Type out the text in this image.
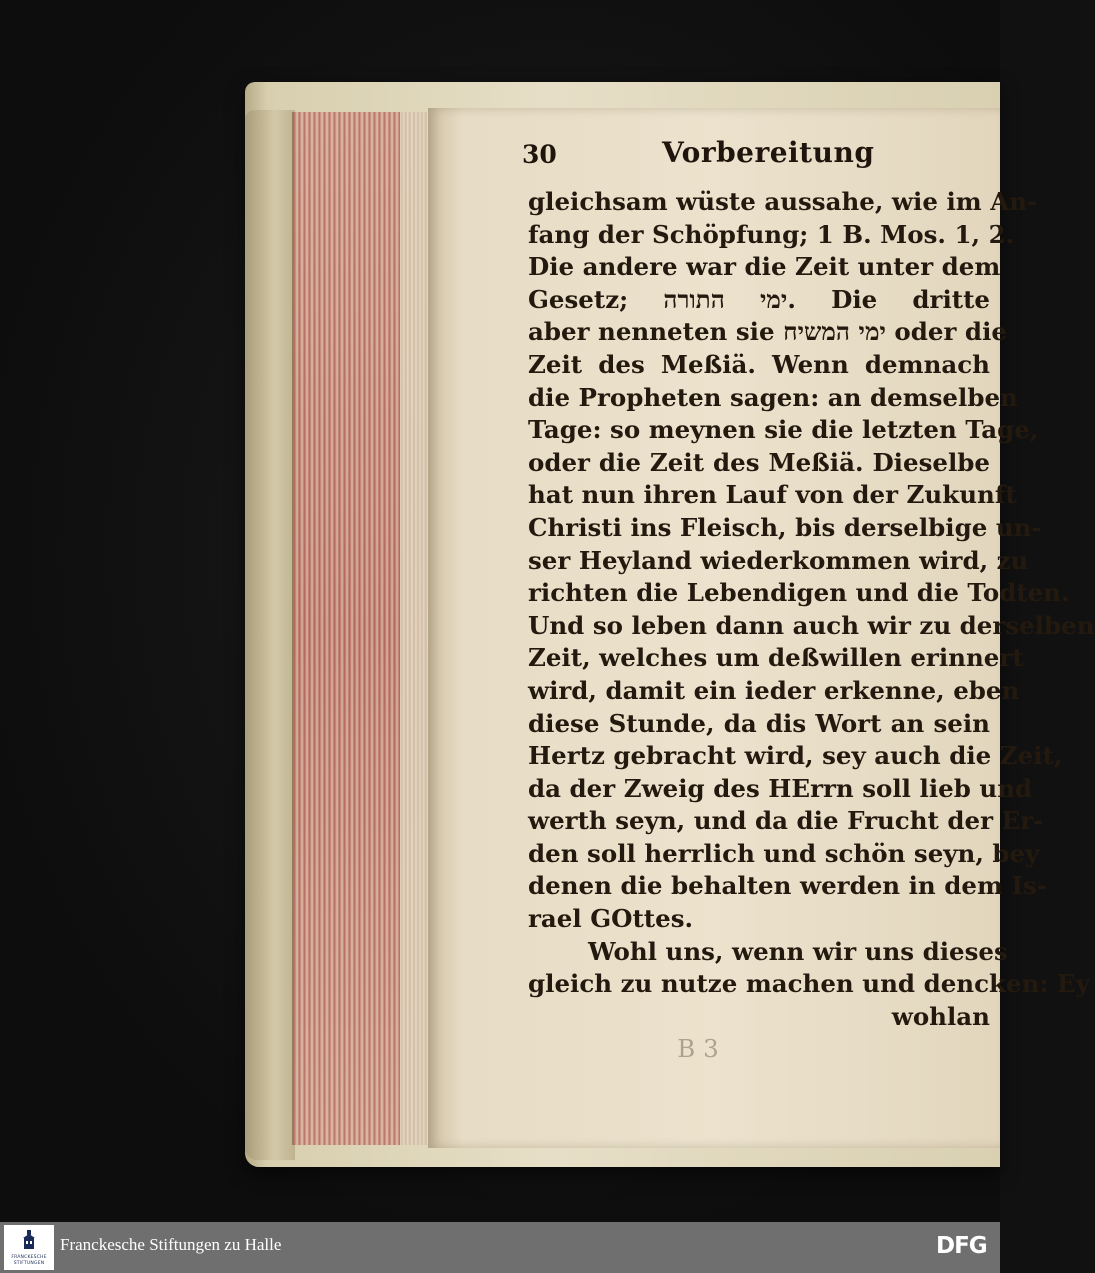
30	Vorbereitung
gleichsam wüste aussahe, wie im An-
fang der Schöpfung; 1 B. Mos. 1, 2.
Die andere war die Zeit unter dem
Gesetz; ימי התורה. Die dritte
aber nenneten sie ימי המשיח oder die
Zeit des Meßiä. Wenn demnach
die Propheten sagen: an demselben
Tage: so meynen sie die letzten Tage,
oder die Zeit des Meßiä. Dieselbe
hat nun ihren Lauf von der Zukunft
Christi ins Fleisch, bis derselbige un-
ser Heyland wiederkommen wird, zu
richten die Lebendigen und die Todten.
Und so leben dann auch wir zu derselben
Zeit, welches um deßwillen erinnert
wird, damit ein ieder erkenne, eben
diese Stunde, da dis Wort an sein
Hertz gebracht wird, sey auch die Zeit,
da der Zweig des HErrn soll lieb und
werth seyn, und da die Frucht der Er-
den soll herrlich und schön seyn, bey
denen die behalten werden in dem Is-
rael GOttes.
Wohl uns, wenn wir uns dieses
gleich zu nutze machen und dencken: Ey
wohlan
B 3
FRANCKESCHE STIFTUNGEN
Franckesche Stiftungen zu Halle	DFG
